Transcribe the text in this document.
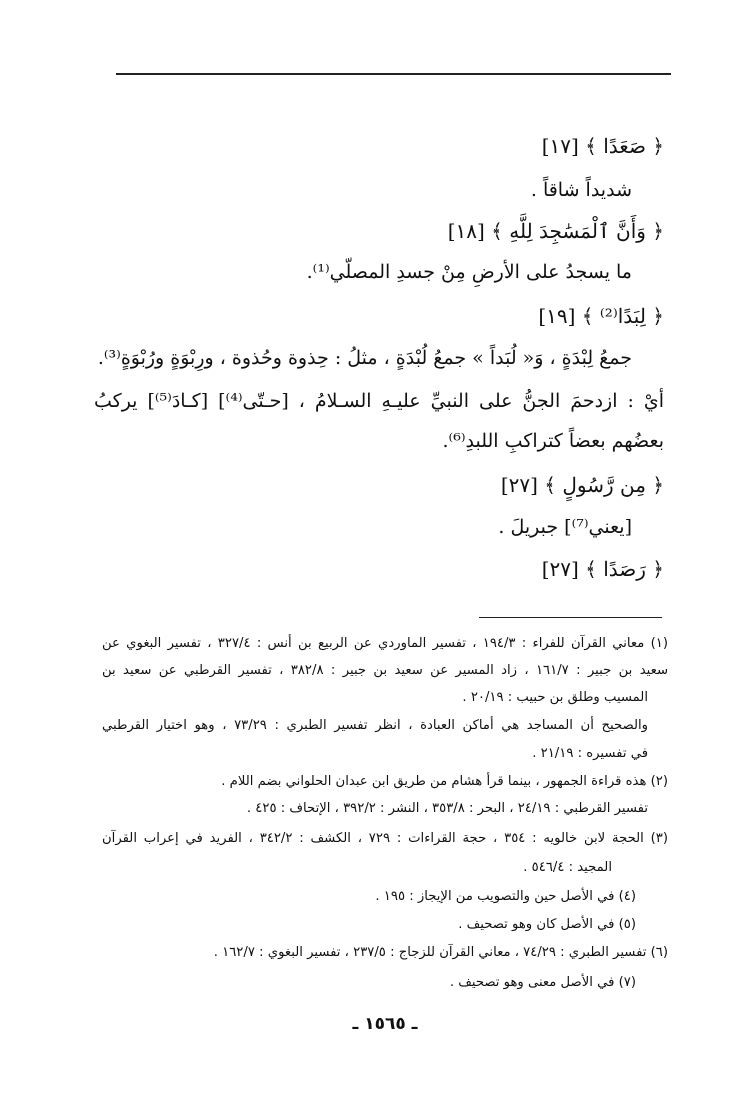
﴿ صَعَدًا ﴾ [١٧]
شديداً شاقاً .
﴿ وَأَنَّ ٱلْمَسَٰجِدَ لِلَّهِ ﴾ [١٨]
ما يسجدُ على الأرضِ مِنْ جسدِ المصلّي⁽¹⁾.
﴿ لِبَدًا⁽²⁾ ﴾ [١٩]
جمعُ لِبْدَةٍ ، وَ« لُبَداً » جمعُ لُبْدَةٍ ، مثلُ : حِذوة وحُذوة ، ورِبْوَةٍ ورُبْوَةٍ⁽³⁾.
أيْ : ازدحمَ الجنُّ على النبيِّ عليـهِ السـلامُ ، [حـتّى⁽⁴⁾] [كـادَ⁽⁵⁾] يركبُ
بعضُهم بعضاً كتراكبِ اللبدِ⁽⁶⁾.
﴿ مِن رَّسُولٍ ﴾ [٢٧]
[يعني⁽⁷⁾] جبريلَ .
﴿ رَصَدًا ﴾ [٢٧]
(١) معاني القرآن للفراء : ١٩٤/٣ ، تفسير الماوردي عن الربيع بن أنس : ٣٢٧/٤ ، تفسير البغوي عن
سعيد بن جبير : ١٦١/٧ ، زاد المسير عن سعيد بن جبير : ٣٨٢/٨ ، تفسير القرطبي عن سعيد بن
المسيب وطلق بن حبيب : ٢٠/١٩ .
والصحيح أن المساجد هي أماكن العبادة ، انظر تفسير الطبري : ٧٣/٢٩ ، وهو اختيار القرطبي
في تفسيره : ٢١/١٩ .
(٢) هذه قراءة الجمهور ، بينما قرأ هشام من طريق ابن عبدان الحلواني بضم اللام .
تفسير القرطبي : ٢٤/١٩ ، البحر : ٣٥٣/٨ ، النشر : ٣٩٢/٢ ، الإتحاف : ٤٢٥ .
(٣) الحجة لابن خالويه : ٣٥٤ ، حجة القراءات : ٧٢٩ ، الكشف : ٣٤٢/٢ ، الفريد في إعراب القرآن
المجيد : ٥٤٦/٤ .
(٤) في الأصل حين والتصويب من الإيجاز : ١٩٥ .
(٥) في الأصل كان وهو تصحيف .
(٦) تفسير الطبري : ٧٤/٢٩ ، معاني القرآن للزجاج : ٢٣٧/٥ ، تفسير البغوي : ١٦٢/٧ .
(٧) في الأصل معنى وهو تصحيف .
ـ ١٥٦٥ ـ
